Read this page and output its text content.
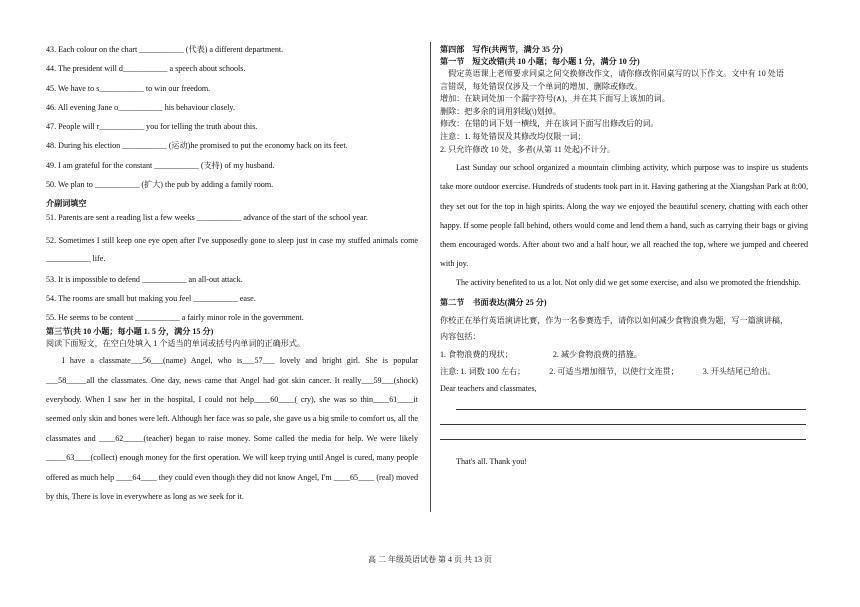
43. Each colour on the chart ___________ (代表) a different department.

44. The president will d___________ a speech about schools.

45. We have to s___________ to win our freedom.

46. All evening Jane o___________ his behaviour closely.

47. People will r___________ you for telling the truth about this.

48. During his election ___________ (运动)he promised to put the economy back on its feet.

49. I am grateful for the constant ___________ (支持) of my husband.

50. We plan to ___________ (扩大) the pub by adding a family room.

介副词填空

51. Parents are sent a reading list a few weeks ___________ advance of the start of the school year.

52. Sometimes I still keep one eye open after I've supposedly gone to sleep just in case my stuffed animals come ___________ life.

53. It is impossible to defend ___________ an all-out attack.

54. The rooms are small but making you feel ___________ ease.

55. He seems to be content ___________ a fairly minor role in the government.

第三节(共 10 小题；每小题 1. 5 分，满分 15 分)

阅读下面短文，在空白处填入 1 个适当的单词或括号内单词的正确形式。

I have a classmate___56___(name) Angel, who is___57___ lovely and bright girl. She is popular ___58_____all the classmates. One day, news came that Angel had got skin cancer. It really___59___(shock) everybody. When I saw her in the hospital, I could not help____60____( cry), she was so thin____61____it seemed only skin and bones were left. Although her face was so pale, she gave us a big smile to comfort us, all the classmates and ____62_____(teacher) began to raise money. Some called the media for help. We were likely _____63____(collect) enough money for the first operation. We will keep trying until Angel is cured, many people offered as much help ____64____ they could even though they did not know Angel, I'm ____65____ (real) moved by this, There is love in everywhere as long as we seek for it.

第四部　写作(共两节，满分 35 分)

第一节　短文改错(共 10 小题；每小题 1 分，满分 10 分)

　假定英语课上老师要求同桌之间交换修改作文，请你修改你同桌写的以下作文。文中有 10 处语

言错误，每处错误仅涉及一个单词的增加、删除或修改。

增加：在缺词处加一个漏字符号(∧)，并在其下面写上该加的词。

删除：把多余的词用斜线(\)划掉。

修改：在错的词下划一横线，并在该词下面写出修改后的词。

注意：1. 每处错误及其修改均仅限一词；

2. 只允许修改 10 处，多者(从第 11 处起)不计分。

Last Sunday our school organized a mountain climbing activity, which purpose was to inspire us students take more outdoor exercise. Hundreds of students took part in it. Having gathering at the Xiangshan Park at 8:00, they set out for the top in high spirits. Along the way we enjoyed the beautiful scenery, chatting with each other happy. If some people fall behind, others would come and lend them a hand, such as carrying their bags or giving them encouraged words. After about two and a half hour, we all reached the top, where we jumped and cheered with joy.

The activity benefited to us a lot. Not only did we get some exercise, and also we promoted the friendship.

第二节　书面表达(满分 25 分)

你校正在举行英语演讲比赛，作为一名参赛选手，请你以如何减少食物浪费为题，写一篇演讲稿，

内容包括：

1. 食物浪费的现状；	2. 减少食物浪费的措施。
注意: 1. 词数 100 左右；	2. 可适当增加细节，以使行文连贯；	3. 开头结尾已给出。

Dear teachers and classmates,

That's all. Thank you!

高 二 年级英语试卷 第 4 页 共 13 页
